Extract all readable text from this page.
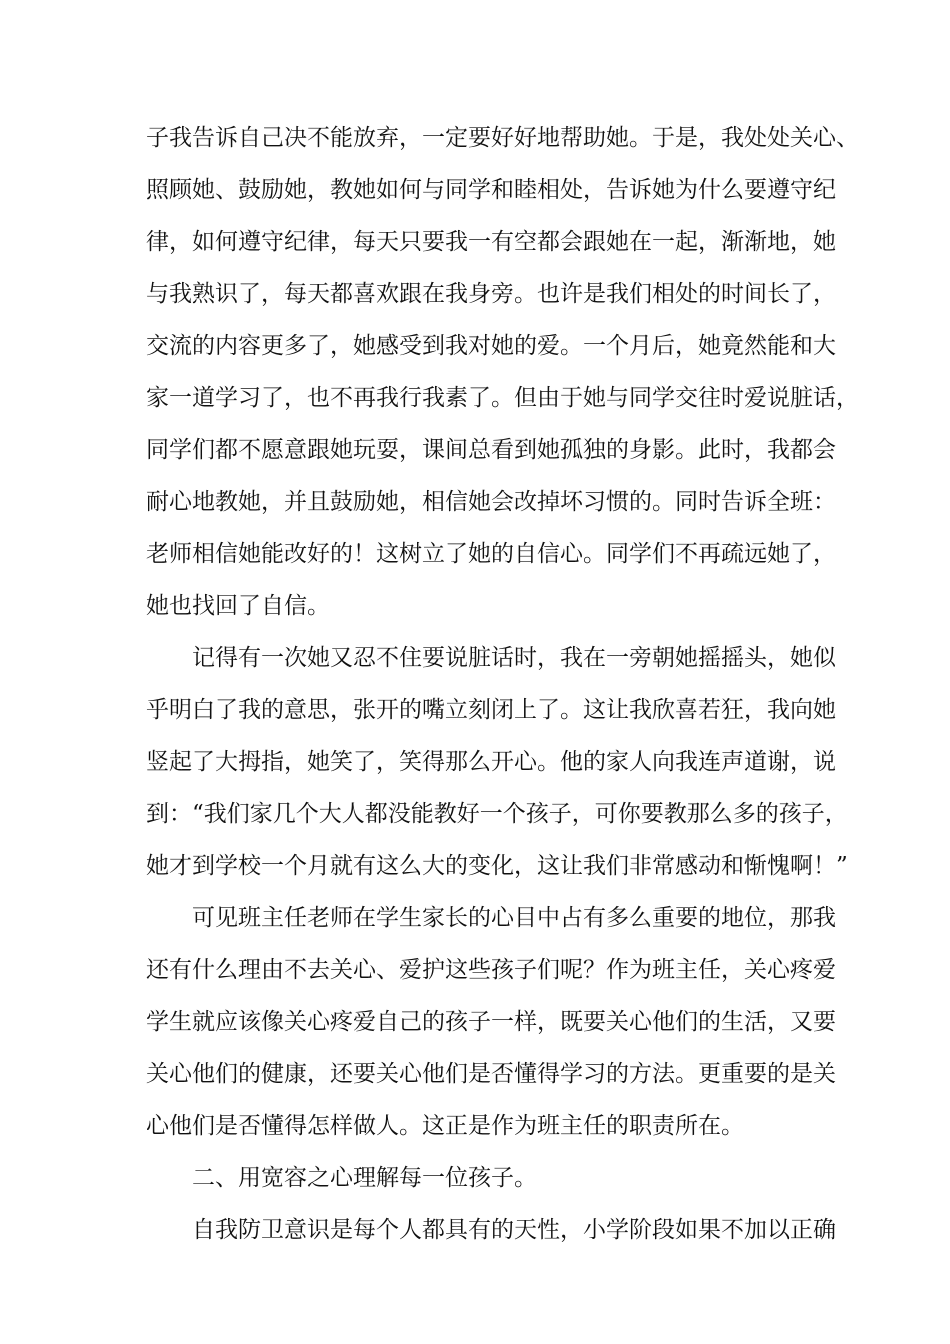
子我告诉自己决不能放弃，一定要好好地帮助她。于是，我处处关心、
照顾她、鼓励她，教她如何与同学和睦相处，告诉她为什么要遵守纪
律，如何遵守纪律，每天只要我一有空都会跟她在一起，渐渐地，她
与我熟识了，每天都喜欢跟在我身旁。也许是我们相处的时间长了，
交流的内容更多了，她感受到我对她的爱。一个月后，她竟然能和大
家一道学习了，也不再我行我素了。但由于她与同学交往时爱说脏话，
同学们都不愿意跟她玩耍，课间总看到她孤独的身影。此时，我都会
耐心地教她，并且鼓励她，相信她会改掉坏习惯的。同时告诉全班：
老师相信她能改好的！这树立了她的自信心。同学们不再疏远她了，
她也找回了自信。
记得有一次她又忍不住要说脏话时，我在一旁朝她摇摇头，她似
乎明白了我的意思，张开的嘴立刻闭上了。这让我欣喜若狂，我向她
竖起了大拇指，她笑了，笑得那么开心。他的家人向我连声道谢，说
到：“我们家几个大人都没能教好一个孩子，可你要教那么多的孩子，
她才到学校一个月就有这么大的变化，这让我们非常感动和惭愧啊！”
可见班主任老师在学生家长的心目中占有多么重要的地位，那我
还有什么理由不去关心、爱护这些孩子们呢？作为班主任，关心疼爱
学生就应该像关心疼爱自己的孩子一样，既要关心他们的生活，又要
关心他们的健康，还要关心他们是否懂得学习的方法。更重要的是关
心他们是否懂得怎样做人。这正是作为班主任的职责所在。
二、用宽容之心理解每一位孩子。
自我防卫意识是每个人都具有的天性，小学阶段如果不加以正确
